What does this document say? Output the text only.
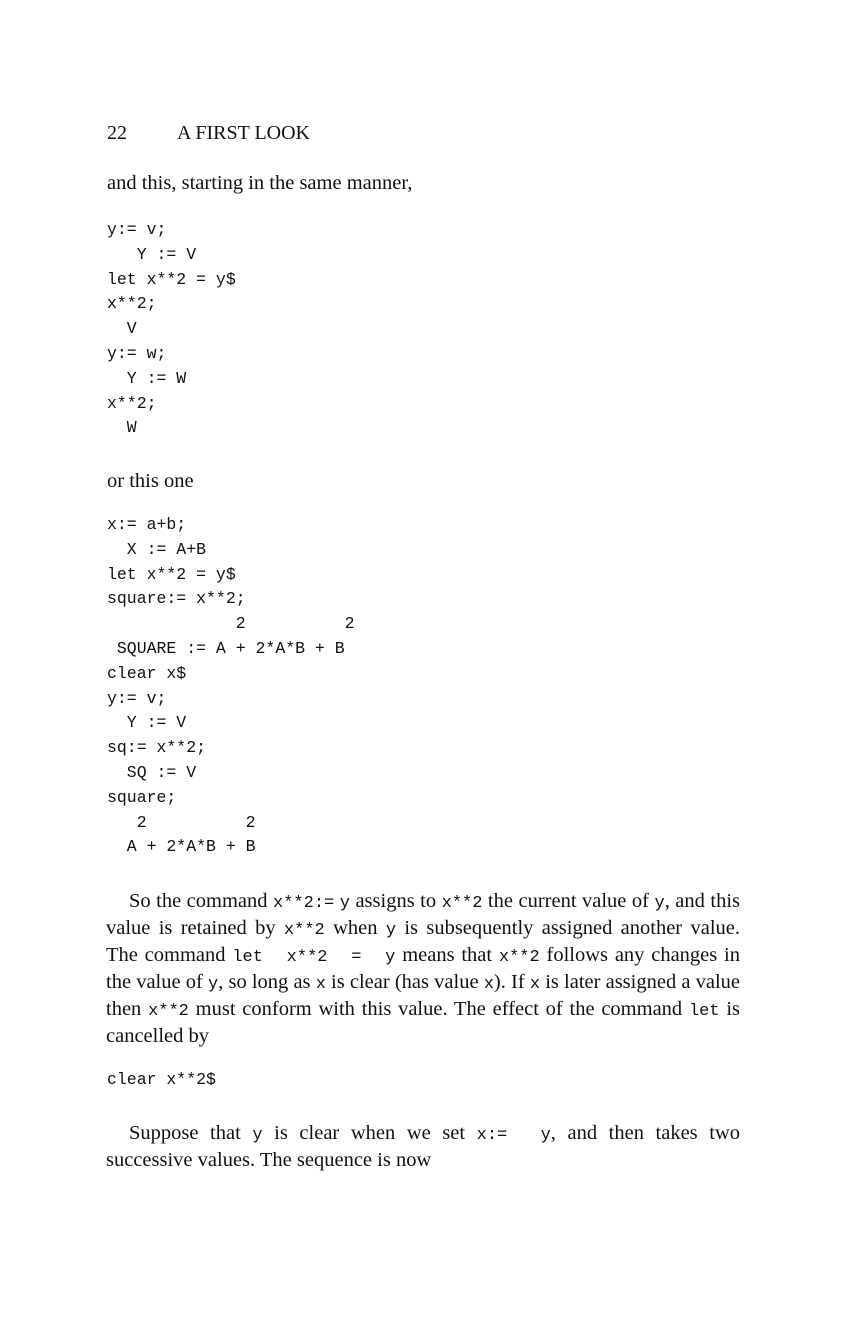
22	A FIRST LOOK
and this, starting in the same manner,
y:= v;
Y := V
let x**2 = y$
x**2;
V
y:= w;
Y := W
x**2;
W
or this one
x:= a+b;
X := A+B
let x**2 = y$
square:= x**2;
2          2
SQUARE := A + 2*A*B + B
clear x$
y:= v;
Y := V
sq:= x**2;
SQ := V
square;
2          2
A + 2*A*B + B

So the command x**2:= y assigns to x**2 the current value of y, and this value is retained by x**2 when y is subsequently assigned another value. The command let  x**2  =  y means that x**2 follows any changes in the value of y, so long as x is clear (has value x). If x is later assigned a value then x**2 must conform with this value. The effect of the command let is cancelled by

clear x**2$

Suppose that y is clear when we set x:=  y, and then takes two successive values. The sequence is now
